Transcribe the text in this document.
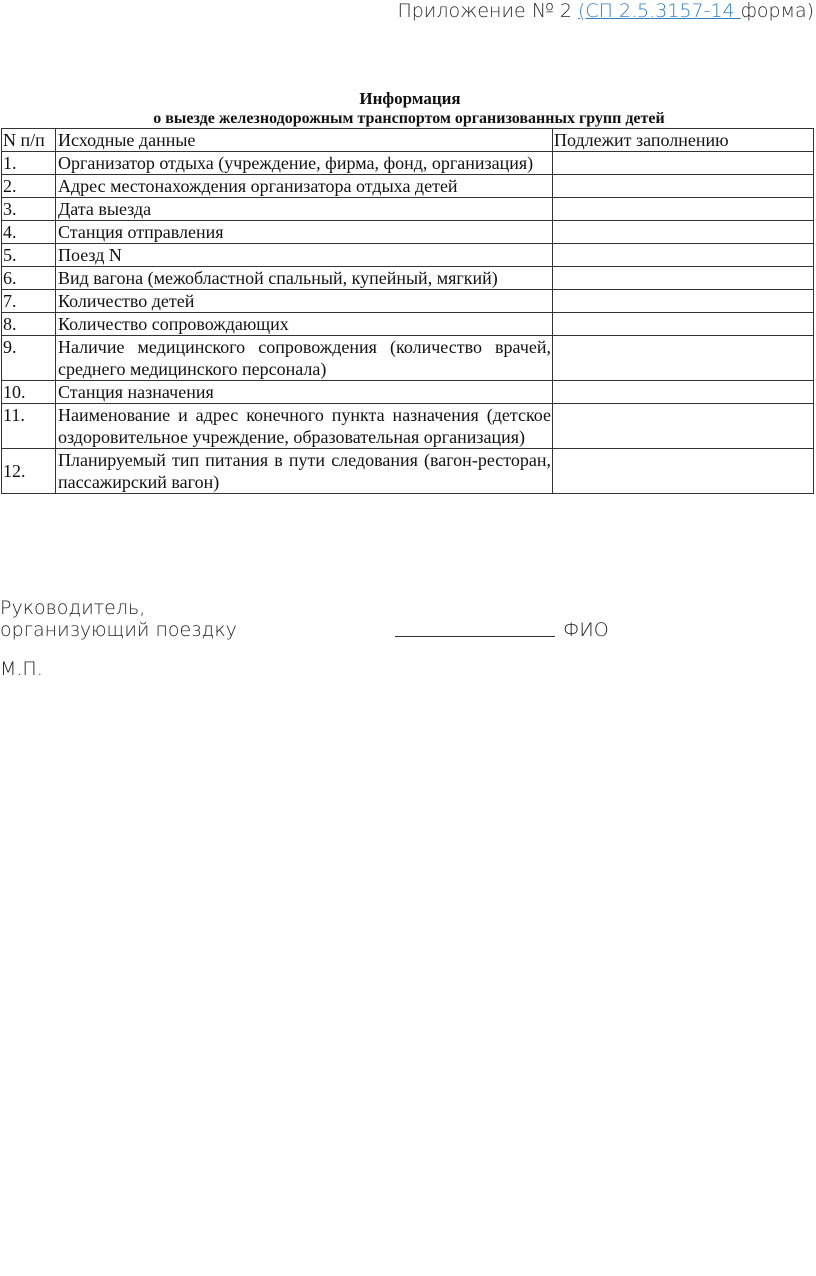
Приложение № 2 (СП 2.5.3157-14 форма)
Информация
о выезде железнодорожным транспортом организованных групп детей
N п/п	Исходные данные	Подлежит заполнению
1.	Организатор отдыха (учреждение, фирма, фонд, организация)	
2.	Адрес местонахождения организатора отдыха детей	
3.	Дата выезда	
4.	Станция отправления	
5.	Поезд N	
6.	Вид вагона (межобластной спальный, купейный, мягкий)	
7.	Количество детей	
8.	Количество сопровождающих	
9.	Наличие медицинского сопровождения (количество врачей, среднего медицинского персонала)	
10.	Станция назначения	
11.	Наименование и адрес конечного пункта назначения (детское оздоровительное учреждение, образовательная организация)	
12.	Планируемый тип питания в пути следования (вагон-ресторан, пассажирский вагон)	
Руководитель,
организующий поездку	ФИО
М.П.
